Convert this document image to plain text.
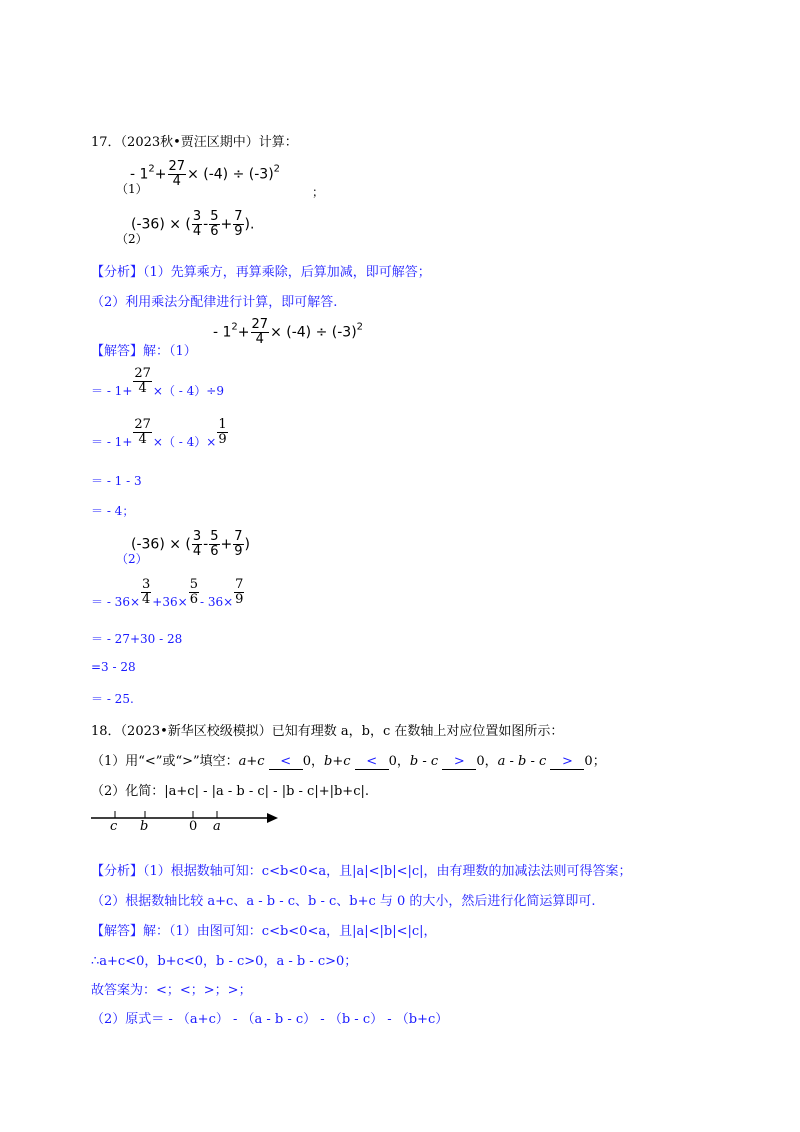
17．（2023秋•贾汪区期中）计算：
（1）
- $1^2+ \frac{27}{4} \times (-4) \div (-3)^2$
；
（2）
(-36) × ( $\frac{3}{4} - \frac{5}{6} + \frac{7}{9}$ ).
【分析】（1）先算乘方，再算乘除，后算加减，即可解答；
（2）利用乘法分配律进行计算，即可解答.
【解答】解：（1）
- $1^2+ \frac{27}{4} \times (-4) \div (-3)^2$
＝ - $1+ \frac{27}{4}$ ×（ - 4）÷9
＝ - $1+ \frac{27}{4}$ ×（ - $4)\times \frac{1}{9}$
＝ - 1 - 3
＝ - 4；
（2）
(-36) × ( $\frac{3}{4} - \frac{5}{6} + \frac{7}{9}$ )
＝ - $36\times \frac{3}{4} +36\times \frac{5}{6} - 36\times \frac{7}{9}$
＝ - 27+30 - 28
=3 - 28
＝ - 25.
18．（2023•新华区校级模拟）已知有理数 a，b，c 在数轴上对应位置如图所示：
（1）用“<”或“>”填空：a+c < 0，b+c < 0，b - c > 0，a - b - c > 0；
（2）化简：|a+c| - |a - b - c| - |b - c|+|b+c|.
c b	0 a
【分析】（1）根据数轴可知：c<b<0<a，且|a|<|b|<|c|，由有理数的加减法法则可得答案；
（2）根据数轴比较 a+c、a - b - c、b - c、b+c 与 0 的大小，然后进行化简运算即可.
【解答】解：（1）由图可知：c<b<0<a，且|a|<|b|<|c|，
∴a+c<0，b+c<0，b - c>0，a - b - c>0；
故答案为：<；<；>；>；
（2）原式＝ - （a+c） - （a - b - c） - （b - c） - （b+c）
